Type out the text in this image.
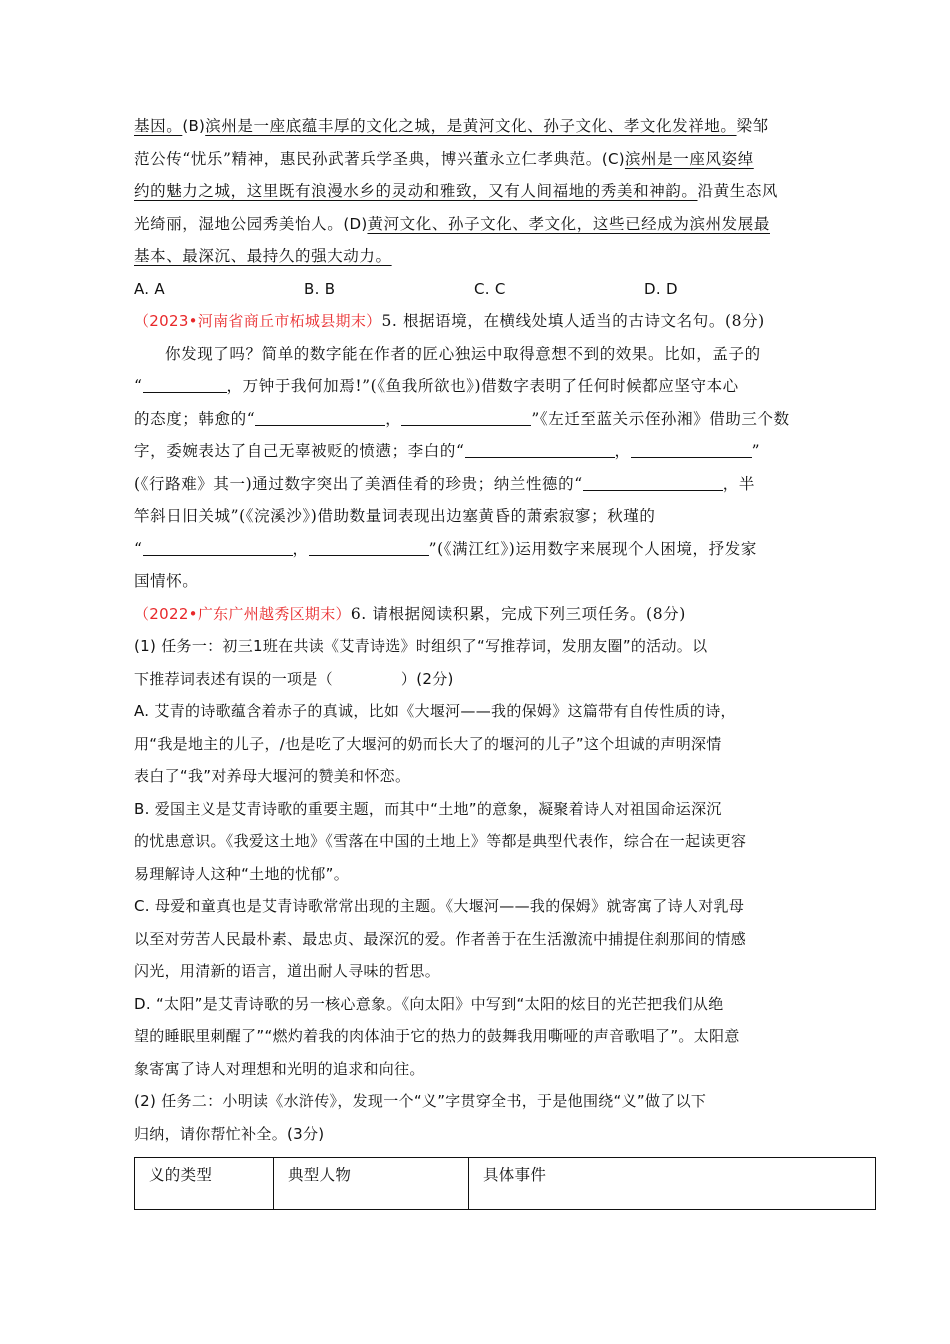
基因。(B)滨州是一座底蕴丰厚的文化之城，是黄河文化、孙子文化、孝文化发祥地。梁邹
范公传“忧乐”精神，惠民孙武著兵学圣典，博兴董永立仁孝典范。(C)滨州是一座风姿绰
约的魅力之城，这里既有浪漫水乡的灵动和雅致，又有人间福地的秀美和神韵。沿黄生态风
光绮丽，湿地公园秀美怡人。(D)黄河文化、孙子文化、孝文化，这些已经成为滨州发展最
基本、最深沉、最持久的强大动力。
A. A	B. B	C. C	D. D
（2023•河南省商丘市柘城县期末）5. 根据语境，在横线处填人适当的古诗文名句。(8分)
你发现了吗？简单的数字能在作者的匠心独运中取得意想不到的效果。比如，孟子的
“	，万钟于我何加焉!”(《鱼我所欲也》)借数字表明了任何时候都应坚守本心
的态度；韩愈的“	，	”《左迁至蓝关示侄孙湘》借助三个数
字，委婉表达了自己无辜被贬的愤懑；李白的“	，	”
(《行路难》其一)通过数字突出了美酒佳肴的珍贵；纳兰性德的“	，半
竿斜日旧关城”(《浣溪沙》)借助数量词表现出边塞黄昏的萧索寂寥；秋瑾的
“	，	”(《满江红》)运用数字来展现个人困境，抒发家
国情怀。
（2022•广东广州越秀区期末）6. 请根据阅读积累，完成下列三项任务。(8分)
(1) 任务一：初三1班在共读《艾青诗选》时组织了“写推荐词，发朋友圈”的活动。以
下推荐词表述有误的一项是（	）(2分)
A. 艾青的诗歌蕴含着赤子的真诚，比如《大堰河——我的保姆》这篇带有自传性质的诗，
用“我是地主的儿子，/也是吃了大堰河的奶而长大了的堰河的儿子”这个坦诚的声明深情
表白了“我”对养母大堰河的赞美和怀恋。
B. 爱国主义是艾青诗歌的重要主题，而其中“土地”的意象，凝聚着诗人对祖国命运深沉
的忧患意识。《我爱这土地》《雪落在中国的土地上》等都是典型代表作，综合在一起读更容
易理解诗人这种“土地的忧郁”。
C. 母爱和童真也是艾青诗歌常常出现的主题。《大堰河——我的保姆》就寄寓了诗人对乳母
以至对劳苦人民最朴素、最忠贞、最深沉的爱。作者善于在生活激流中捕提住刹那间的情感
闪光，用清新的语言，道出耐人寻味的哲思。
D. “太阳”是艾青诗歌的另一核心意象。《向太阳》中写到“太阳的炫目的光芒把我们从绝
望的睡眠里刺醒了”“燃灼着我的肉体油于它的热力的鼓舞我用嘶哑的声音歌唱了”。太阳意
象寄寓了诗人对理想和光明的追求和向往。
(2) 任务二：小明读《水浒传》，发现一个“义”字贯穿全书，于是他围绕“义”做了以下
归纳，请你帮忙补全。(3分)
义的类型	典型人物	具体事件
